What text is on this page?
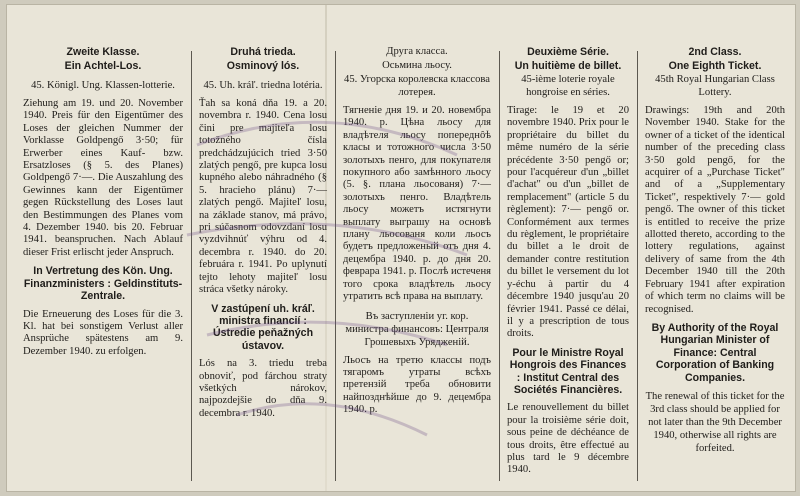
Zweite Klasse.
Ein Achtel-Los.

45. Königl. Ung. Klassen-lotterie.

Ziehung am 19. und 20. November 1940. Preis für den Eigentümer des Loses der gleichen Nummer der Vorklasse Goldpengő 3·50; für Erwerber eines Kauf- bzw. Ersatzloses (§ 5. des Planes) Goldpengő 7·—. Die Auszahlung des Gewinnes kann der Eigentümer gegen Rückstellung des Loses laut den Bestimmungen des Planes vom 4. Dezember 1940. bis 20. Februar 1941. beanspruchen. Nach Ablauf dieser Frist erlischt jeder Anspruch.

In Vertretung des Kön. Ung. Finanzministers : Geldinstituts-Zentrale.

Die Erneuerung des Loses für die 3. Kl. hat bei sonstigem Verlust aller Ansprüche spätestens am 9. Dezember 1940. zu erfolgen.

Druhá trieda.
Osminový lós.

45. Uh. kráľ. triedna lotéria.

Ťah sa koná dňa 19. a 20. novembra r. 1940. Cena losu čini pre majiteľa losu totožného čísla predchádzujúcich tried 3·50 zlatých pengő, pre kupca losu kupného alebo náhradného (§ 5. hracieho plánu) 7·— zlatých pengő. Majiteľ losu, na základe stanov, má právo, pri súčasnom odovzdaní losu vyzdvihnúť výhru od 4. decembra r. 1940. do 20. februára r. 1941. Po uplynutí tejto lehoty majiteľ losu stráca všetky nároky.

V zastúpení uh. kráľ. ministra financií : Ústredie peňažných ústavov.

Lós na 3. triedu treba obnoviť, pod fárchou straty všetkých nárokov, najpozdejšie do dňa 9. decembra r. 1940.

Друга класса.
Осьмина льосу.

45. Угорска королевска классова лотерея.

Тягненiе дня 19. и 20. новембра 1940. р. Цѣна льосу для владѣтеля льосу попереднôѣ класы и тотожного числа 3·50 золотыхъ пенго, для покупателя покупного або замѣнного льосу (5. §. плана льосованя) 7·— золотыхъ пенго. Владѣтель льосу можетъ истягнути выплату выграшу на основѣ плану льосованя коли льосъ будетъ предложеный отъ дня 4. децембра 1940. р. до дня 20. феврара 1941. р. Послѣ истеченя того срока владѣтель льосу утратить всѣ права на выплату.

Въ заступленiи уг. кор. министра финансовъ: Централя Грошевыхъ Урядженiй.

Льосъ на третю классы подъ тягаромъ утраты всѣхъ претензiй треба обновити найпозднѣйше до 9. децембра 1940. р.

Deuxième Série.
Un huitième de billet.

45-ième loterie royale hongroise en séries.

Tirage: le 19 et 20 novembre 1940. Prix pour le propriétaire du billet du même numéro de la série précédente 3·50 pengő or; pour l'acquéreur d'un „billet d'achat" ou d'un „billet de remplacement" (article 5 du règlement): 7·— pengő or. Conformément aux termes du règlement, le propriétaire du billet a le droit de demander contre restitution du billet le versement du lot y-échu à partir du 4 décembre 1940 jusqu'au 20 février 1941. Passé ce délai, il y a prescription de tous droits.

Pour le Ministre Royal Hongrois des Finances : Institut Central des Sociétés Financières.

Le renouvellement du billet pour la troisième série doit, sous peine de déchéance de tous droits, être effectué au plus tard le 9 décembre 1940.

2nd Class.
One Eighth Ticket.

45th Royal Hungarian Class Lottery.

Drawings: 19th and 20th November 1940. Stake for the owner of a ticket of the identical number of the preceding class 3·50 gold pengő, for the acquirer of a „Purchase Ticket" and of a „Supplementary Ticket", respektively 7·— gold pengő. The owner of this ticket is entitled to receive the prize allotted thereto, according to the lottery regulations, against delivery of same from the 4th December 1940 till the 20th February 1941 after expiration of which term no claims will be recognised.

By Authority of the Royal Hungarian Minister of Finance: Central Corporation of Banking Companies.

The renewal of this ticket for the 3rd class should be applied for not later than the 9th December 1940, otherwise all rights are forfeited.
